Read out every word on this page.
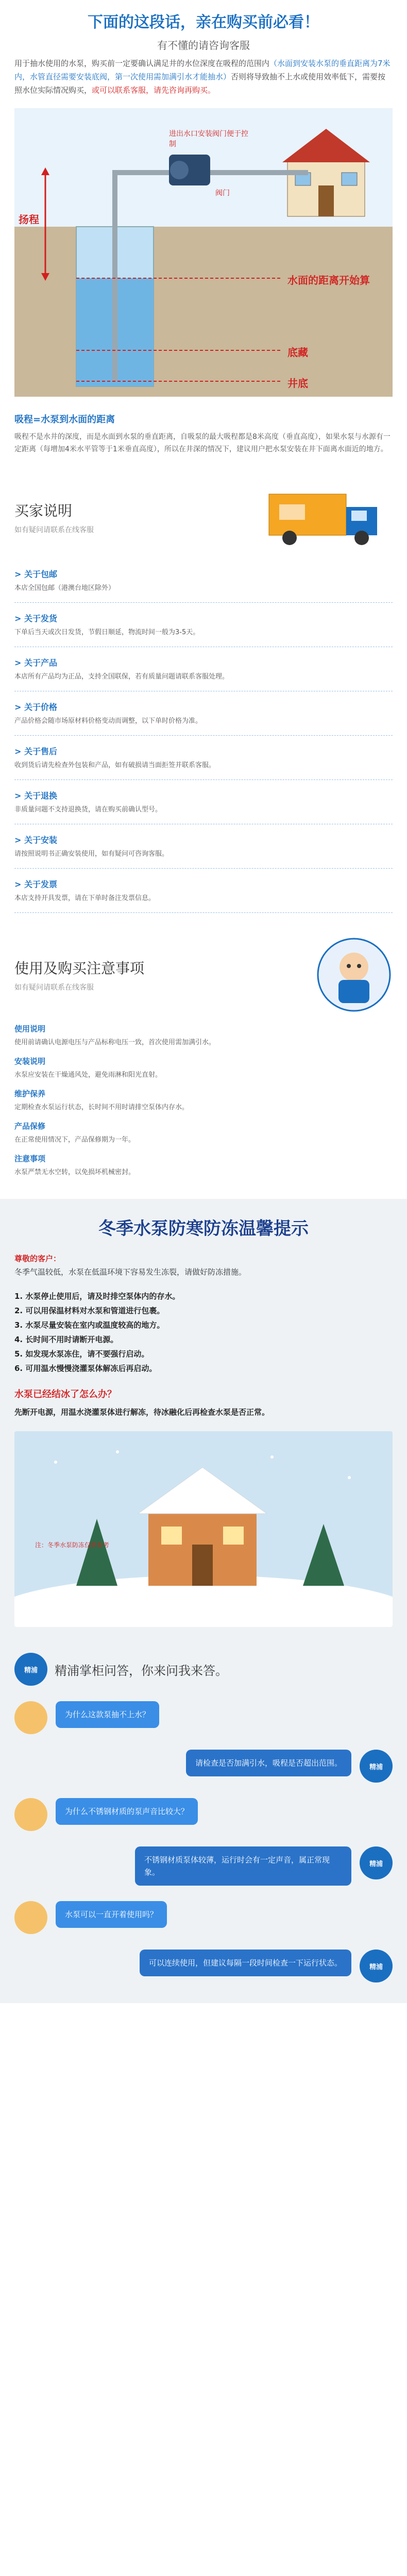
下面的这段话，亲在购买前必看！
有不懂的请咨询客服
用于抽水使用的水泵，购买前一定要确认满足井的水位深度在吸程的范围内（水面到安装水泵的垂直距离为7米内，水管直径需要安装底阀，第一次使用需加满引水才能抽水）否则将导致抽不上水或使用效率低下，需要按照水位实际情况购买，或可以联系客服，请先咨询再购买。
扬程
水面的距离开始算
底藏
井底
进出水口安装阀门便于控制
阀门
吸程=水泵到水面的距离

吸程不是水井的深度，而是水面到水泵的垂直距离，自吸泵的最大吸程都是8米高度（垂直高度），如果水泵与水源有一定距离（每增加4米水平管等于1米垂直高度），所以在井深的情况下，建议用户把水泵安装在井下面离水面近的地方。

买家说明
如有疑问请联系在线客服
> 关于包邮

本店全国包邮（港澳台地区除外）

> 关于发货

下单后当天或次日发货，节假日顺延，物流时间一般为3-5天。

> 关于产品

本店所有产品均为正品，支持全国联保，若有质量问题请联系客服处理。

> 关于价格

产品价格会随市场原材料价格变动而调整，以下单时价格为准。

> 关于售后

收到货后请先检查外包装和产品，如有破损请当面拒签并联系客服。

> 关于退换

非质量问题不支持退换货，请在购买前确认型号。

> 关于安装

请按照说明书正确安装使用，如有疑问可咨询客服。

> 关于发票

本店支持开具发票，请在下单时备注发票信息。

使用及购买注意事项
如有疑问请联系在线客服
使用说明

使用前请确认电源电压与产品标称电压一致，首次使用需加满引水。

安装说明

水泵应安装在干燥通风处，避免雨淋和阳光直射。

维护保养

定期检查水泵运行状态，长时间不用时请排空泵体内存水。

产品保修

在正常使用情况下，产品保修期为一年。

注意事项

水泵严禁无水空转，以免损坏机械密封。

冬季水泵防寒防冻温馨提示
尊敬的客户：
冬季气温较低，水泵在低温环境下容易发生冻裂，请做好防冻措施。

1. 水泵停止使用后，请及时排空泵体内的存水。

2. 可以用保温材料对水泵和管道进行包裹。

3. 水泵尽量安装在室内或温度较高的地方。

4. 长时间不用时请断开电源。

5. 如发现水泵冻住，请不要强行启动。

6. 可用温水慢慢浇灌泵体解冻后再启动。

水泵已经结冰了怎么办？
先断开电源，用温水浇灌泵体进行解冻，待冰融化后再检查水泵是否正常。
注：冬季水泵防冻仅供参考
精浦	精浦掌柜问答，你来问我来答。
为什么这款泵抽不上水？
请检查是否加满引水，吸程是否超出范围。	精浦
为什么不锈钢材质的泵声音比较大？
不锈钢材质泵体较薄，运行时会有一定声音，属正常现象。
精浦
水泵可以一直开着使用吗？
可以连续使用，但建议每隔一段时间检查一下运行状态。	精浦
